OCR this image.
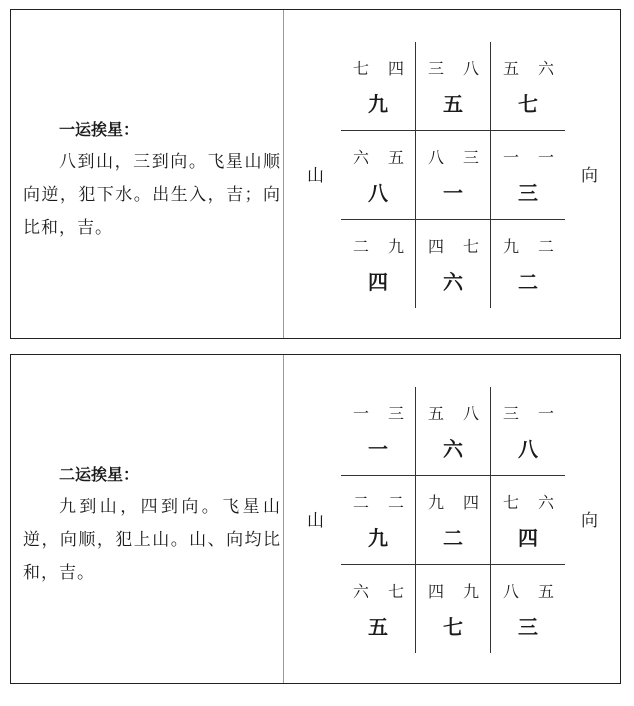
一运挨星：

八到山，三到向。飞星山顺向逆，犯下水。出生入，吉；向比和，吉。

山	向
七 四
九
三 八
五
五 六
七
六 五
八
八 三
一
一 一
三
二 九
四
四 七
六
九 二
二

二运挨星：

九到山，四到向。飞星山逆，向顺，犯上山。山、向均比和，吉。

山	向
一 三
一
五 八
六
三 一
八
二 二
九
九 四
二
七 六
四
六 七
五
四 九
七
八 五
三
